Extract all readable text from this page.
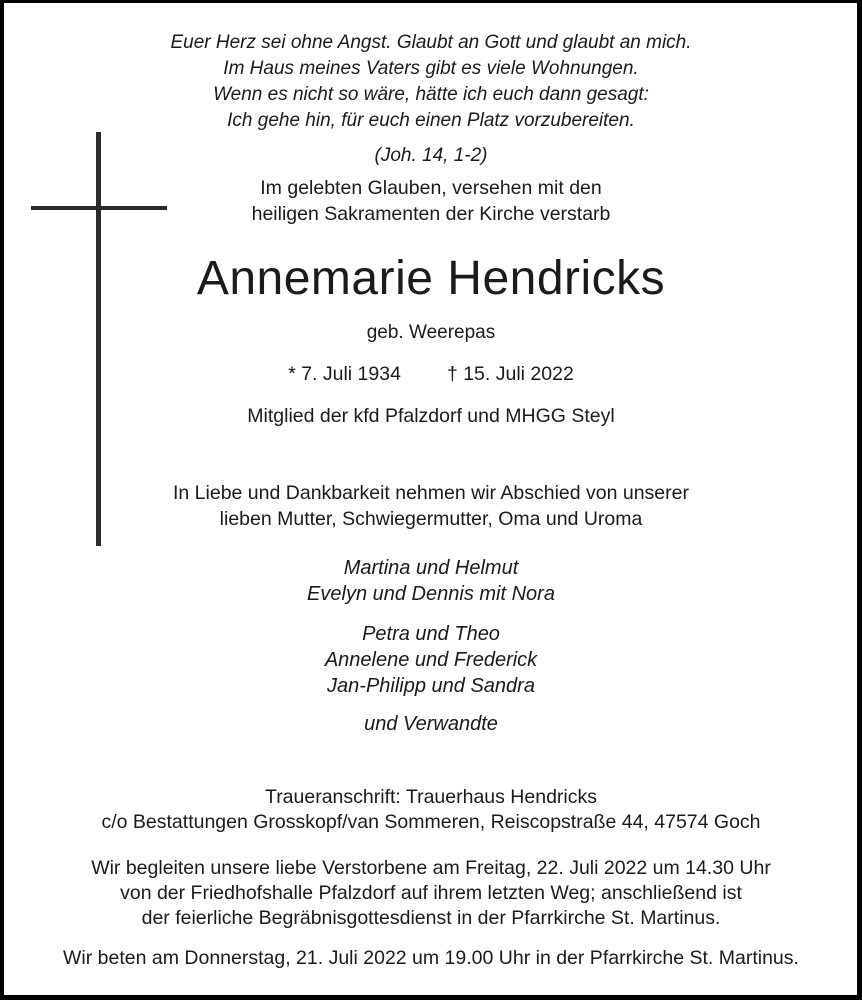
Euer Herz sei ohne Angst. Glaubt an Gott und glaubt an mich.
Im Haus meines Vaters gibt es viele Wohnungen.
Wenn es nicht so wäre, hätte ich euch dann gesagt:
Ich gehe hin, für euch einen Platz vorzubereiten.
(Joh. 14, 1-2)
Im gelebten Glauben, versehen mit den
heiligen Sakramenten der Kirche verstarb
Annemarie Hendricks
geb. Weerepas
* 7. Juli 1934 † 15. Juli 2022
Mitglied der kfd Pfalzdorf und MHGG Steyl
In Liebe und Dankbarkeit nehmen wir Abschied von unserer
lieben Mutter, Schwiegermutter, Oma und Uroma
Martina und Helmut
Evelyn und Dennis mit Nora
Petra und Theo
Annelene und Frederick
Jan-Philipp und Sandra
und Verwandte
Traueranschrift: Trauerhaus Hendricks
c/o Bestattungen Grosskopf/van Sommeren, Reiscopstraße 44, 47574 Goch
Wir begleiten unsere liebe Verstorbene am Freitag, 22. Juli 2022 um 14.30 Uhr
von der Friedhofshalle Pfalzdorf auf ihrem letzten Weg; anschließend ist
der feierliche Begräbnisgottesdienst in der Pfarrkirche St. Martinus.
Wir beten am Donnerstag, 21. Juli 2022 um 19.00 Uhr in der Pfarrkirche St. Martinus.
